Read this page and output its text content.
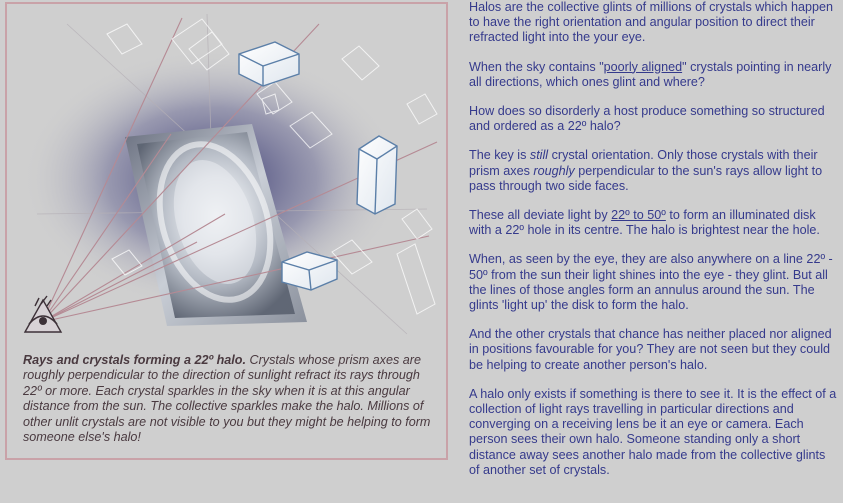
Rays and crystals forming a 22º halo. Crystals whose prism axes are roughly perpendicular to the direction of sunlight refract its rays through 22º or more. Each crystal sparkles in the sky when it is at this angular distance from the sun. The collective sparkles make the halo. Millions of other unlit crystals are not visible to you but they might be helping to form someone else's halo!

Halos are the collective glints of millions of crystals which happen to have the right orientation and angular position to direct their refracted light into the your eye.

When the sky contains "poorly aligned" crystals pointing in nearly all directions, which ones glint and where?

How does so disorderly a host produce something so structured and ordered as a 22º halo?

The key is still crystal orientation. Only those crystals with their prism axes roughly perpendicular to the sun's rays allow light to pass through two side faces.

These all deviate light by 22º to 50º to form an illuminated disk with a 22º hole in its centre. The halo is brightest near the hole.

When, as seen by the eye, they are also anywhere on a line 22º - 50º from the sun their light shines into the eye - they glint. But all the lines of those angles form an annulus around the sun. The glints 'light up' the disk to form the halo.

And the other crystals that chance has neither placed nor aligned in positions favourable for you? They are not seen but they could be helping to create another person's halo.

A halo only exists if something is there to see it. It is the effect of a collection of light rays travelling in particular directions and converging on a receiving lens be it an eye or camera. Each person sees their own halo. Someone standing only a short distance away sees another halo made from the collective glints of another set of crystals.
